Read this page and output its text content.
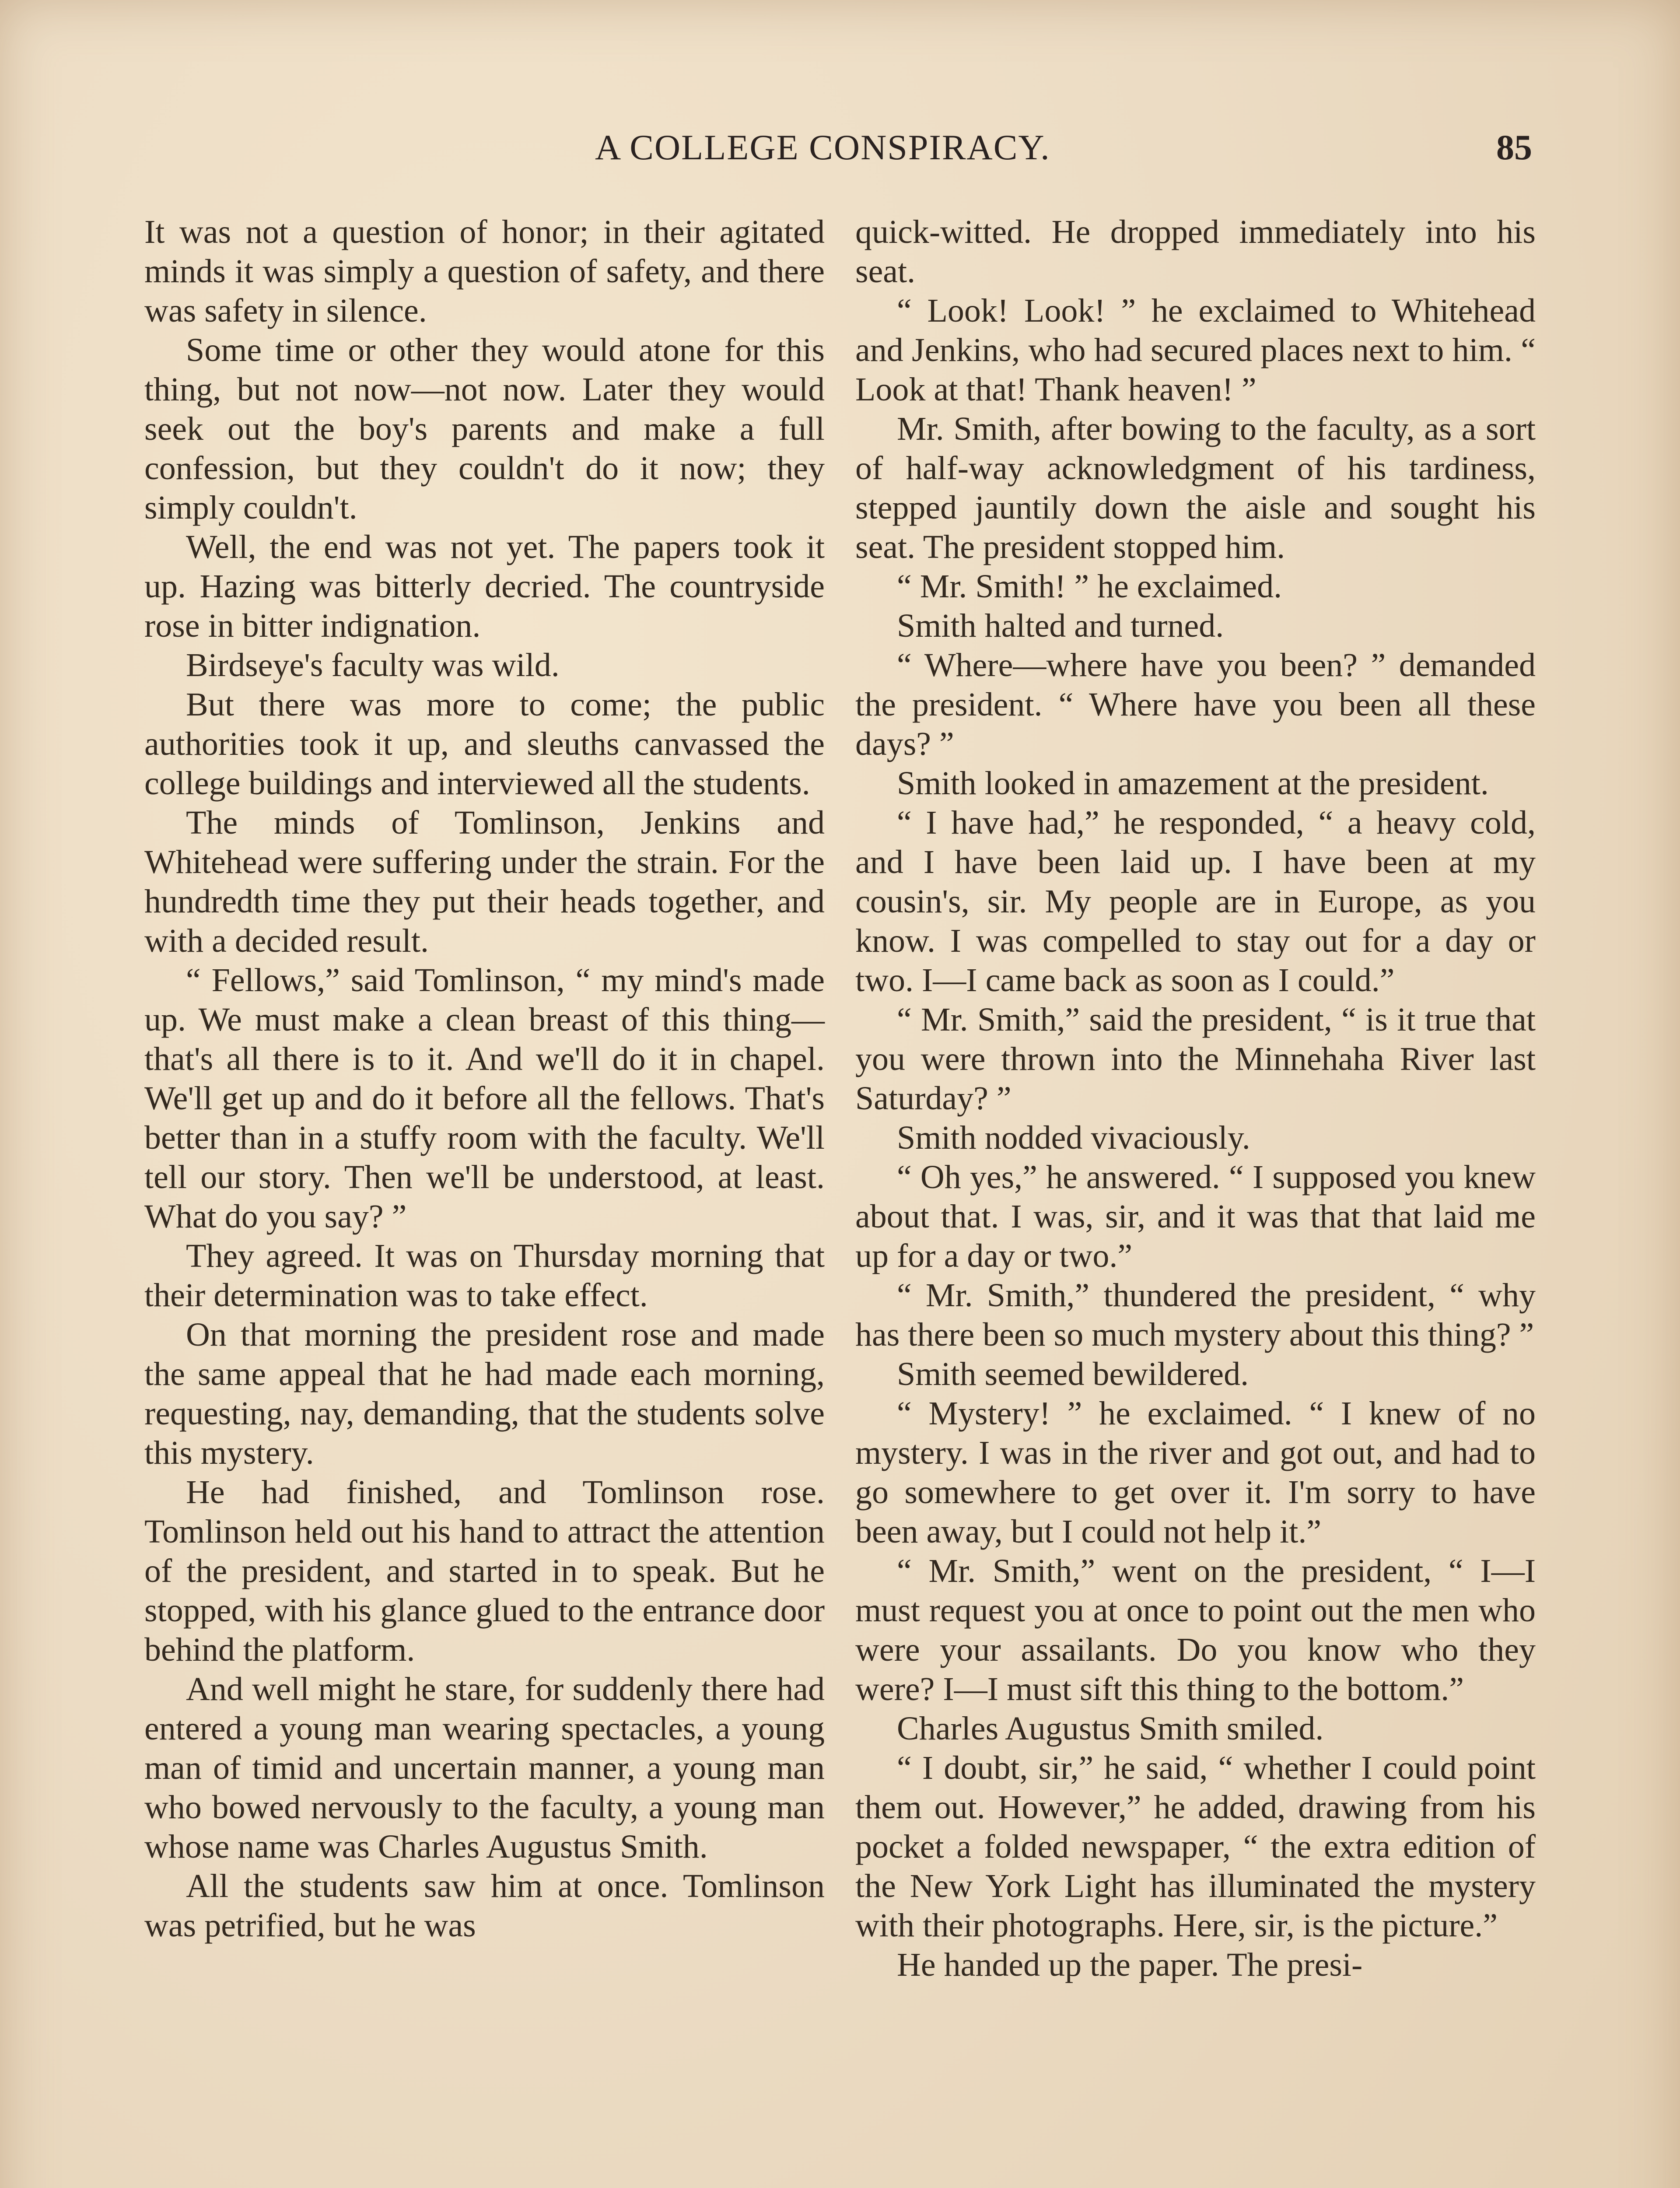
A COLLEGE CONSPIRACY.	85

It was not a question of honor; in their agitated minds it was simply a question of safety, and there was safety in silence.

Some time or other they would atone for this thing, but not now—not now. Later they would seek out the boy's parents and make a full confession, but they couldn't do it now; they simply couldn't.

Well, the end was not yet. The papers took it up. Hazing was bitterly decried. The countryside rose in bitter indignation.

Birdseye's faculty was wild.

But there was more to come; the public authorities took it up, and sleuths canvassed the college buildings and interviewed all the students.

The minds of Tomlinson, Jenkins and Whitehead were suffering under the strain. For the hundredth time they put their heads together, and with a decided result.

“ Fellows,” said Tomlinson, “ my mind's made up. We must make a clean breast of this thing—that's all there is to it. And we'll do it in chapel. We'll get up and do it before all the fellows. That's better than in a stuffy room with the faculty. We'll tell our story. Then we'll be understood, at least. What do you say? ”

They agreed. It was on Thursday morning that their determination was to take effect.

On that morning the president rose and made the same appeal that he had made each morning, requesting, nay, demanding, that the students solve this mystery.

He had finished, and Tomlinson rose. Tomlinson held out his hand to attract the attention of the president, and started in to speak. But he stopped, with his glance glued to the entrance door behind the platform.

And well might he stare, for suddenly there had entered a young man wearing spectacles, a young man of timid and uncertain manner, a young man who bowed nervously to the faculty, a young man whose name was Charles Augustus Smith.

All the students saw him at once. Tomlinson was petrified, but he was

quick-witted. He dropped immediately into his seat.

“ Look! Look! ” he exclaimed to Whitehead and Jenkins, who had secured places next to him. “ Look at that! Thank heaven! ”

Mr. Smith, after bowing to the faculty, as a sort of half-way acknowledgment of his tardiness, stepped jauntily down the aisle and sought his seat. The president stopped him.

“ Mr. Smith! ” he exclaimed.

Smith halted and turned.

“ Where—where have you been? ” demanded the president. “ Where have you been all these days? ”

Smith looked in amazement at the president.

“ I have had,” he responded, “ a heavy cold, and I have been laid up. I have been at my cousin's, sir. My people are in Europe, as you know. I was compelled to stay out for a day or two. I—I came back as soon as I could.”

“ Mr. Smith,” said the president, “ is it true that you were thrown into the Minnehaha River last Saturday? ”

Smith nodded vivaciously.

“ Oh yes,” he answered. “ I supposed you knew about that. I was, sir, and it was that that laid me up for a day or two.”

“ Mr. Smith,” thundered the president, “ why has there been so much mystery about this thing? ”

Smith seemed bewildered.

“ Mystery! ” he exclaimed. “ I knew of no mystery. I was in the river and got out, and had to go somewhere to get over it. I'm sorry to have been away, but I could not help it.”

“ Mr. Smith,” went on the president, “ I—I must request you at once to point out the men who were your assailants. Do you know who they were? I—I must sift this thing to the bottom.”

Charles Augustus Smith smiled.

“ I doubt, sir,” he said, “ whether I could point them out. However,” he added, drawing from his pocket a folded newspaper, “ the extra edition of the New York Light has illuminated the mystery with their photographs. Here, sir, is the picture.”

He handed up the paper. The presi-
